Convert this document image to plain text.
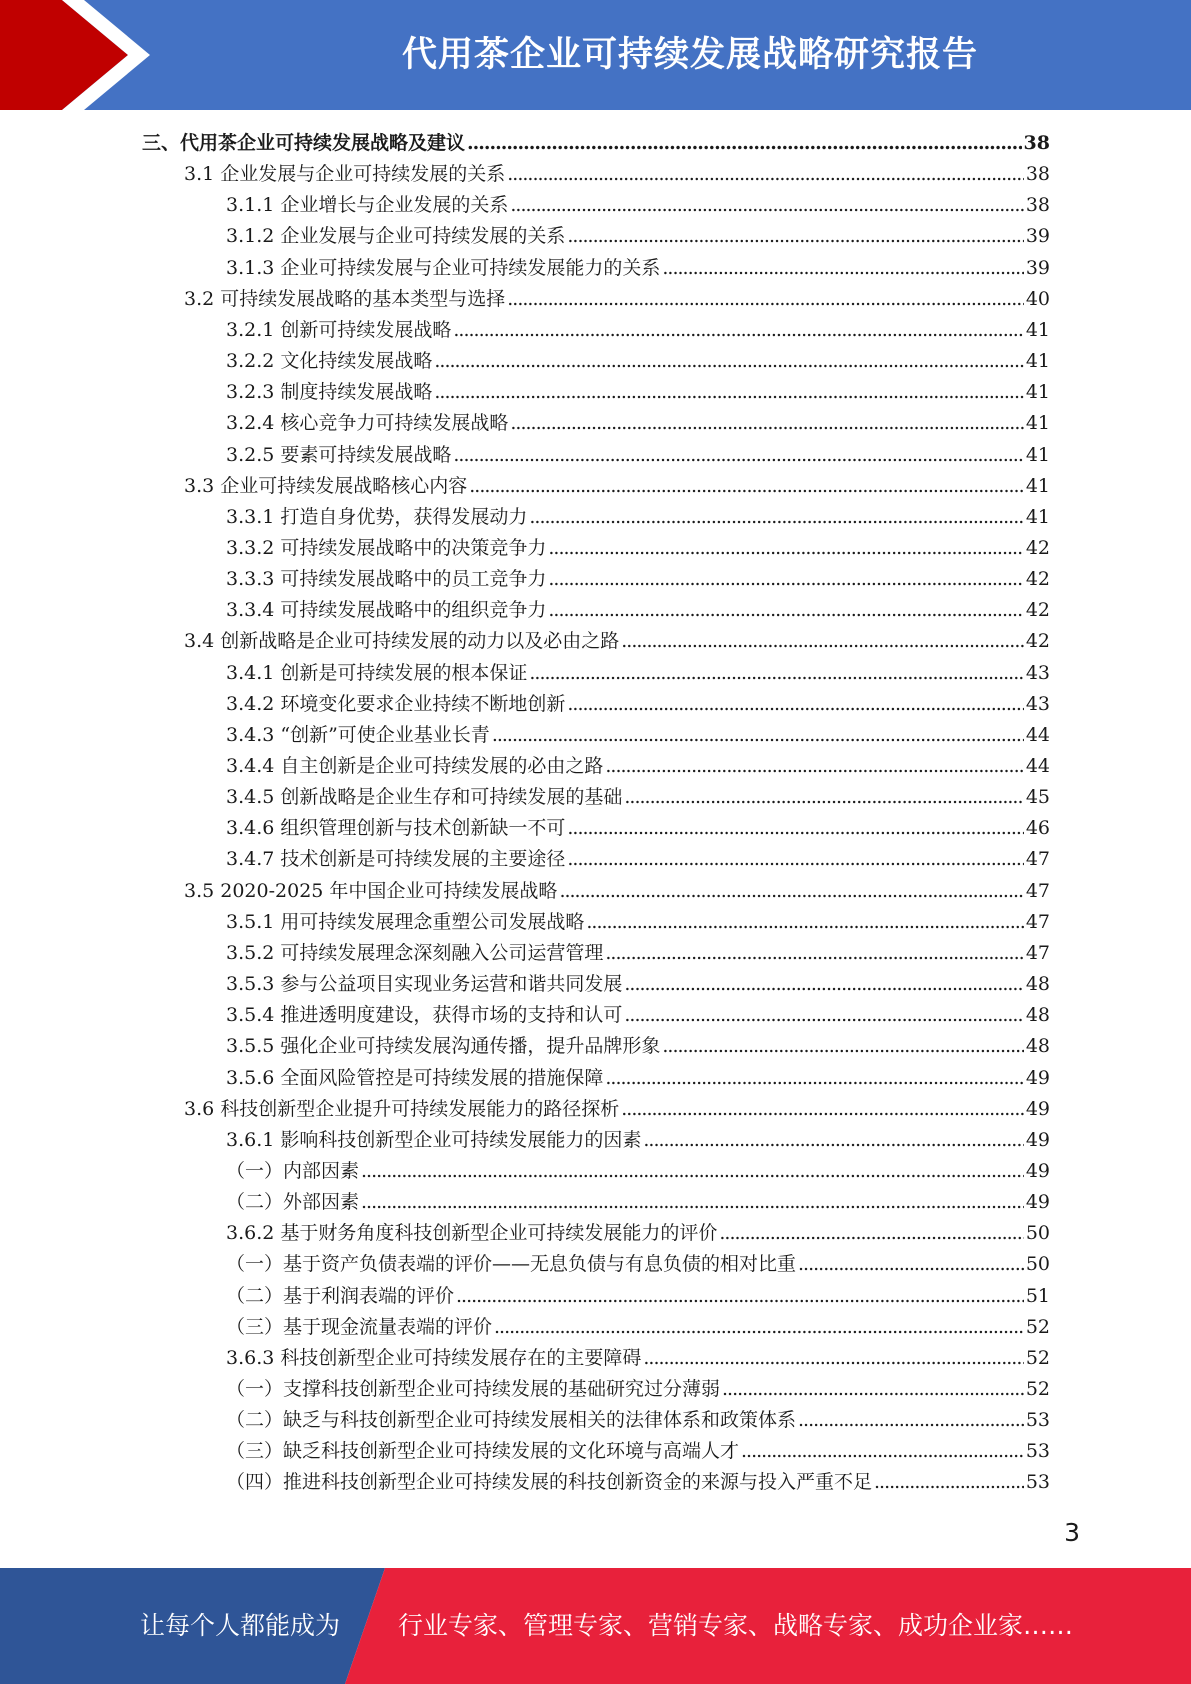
代用茶企业可持续发展战略研究报告
三、代用茶企业可持续发展战略及建议 .....	38
3.1 企业发展与企业可持续发展的关系 .....	38
3.1.1 企业增长与企业发展的关系 .....	38
3.1.2 企业发展与企业可持续发展的关系 .....	39
3.1.3 企业可持续发展与企业可持续发展能力的关系 .....	39
3.2 可持续发展战略的基本类型与选择 .....	40
3.2.1 创新可持续发展战略 .....	41
3.2.2 文化持续发展战略 .....	41
3.2.3 制度持续发展战略 .....	41
3.2.4 核心竞争力可持续发展战略 .....	41
3.2.5 要素可持续发展战略 .....	41
3.3 企业可持续发展战略核心内容 .....	41
3.3.1 打造自身优势，获得发展动力 .....	41
3.3.2 可持续发展战略中的决策竞争力 .....	42
3.3.3 可持续发展战略中的员工竞争力 .....	42
3.3.4 可持续发展战略中的组织竞争力 .....	42
3.4 创新战略是企业可持续发展的动力以及必由之路 .....	42
3.4.1 创新是可持续发展的根本保证 .....	43
3.4.2 环境变化要求企业持续不断地创新 .....	43
3.4.3 “创新”可使企业基业长青 .....	44
3.4.4 自主创新是企业可持续发展的必由之路 .....	44
3.4.5 创新战略是企业生存和可持续发展的基础 .....	45
3.4.6 组织管理创新与技术创新缺一不可 .....	46
3.4.7 技术创新是可持续发展的主要途径 .....	47
3.5 2020-2025 年中国企业可持续发展战略 .....	47
3.5.1 用可持续发展理念重塑公司发展战略 .....	47
3.5.2 可持续发展理念深刻融入公司运营管理 .....	47
3.5.3 参与公益项目实现业务运营和谐共同发展 .....	48
3.5.4 推进透明度建设，获得市场的支持和认可 .....	48
3.5.5 强化企业可持续发展沟通传播，提升品牌形象 .....	48
3.5.6 全面风险管控是可持续发展的措施保障 .....	49
3.6 科技创新型企业提升可持续发展能力的路径探析 .....	49
3.6.1 影响科技创新型企业可持续发展能力的因素 .....	49
（一）内部因素 .....	49
（二）外部因素 .....	49
3.6.2 基于财务角度科技创新型企业可持续发展能力的评价 .....	50
（一）基于资产负债表端的评价——无息负债与有息负债的相对比重 .....	50
（二）基于利润表端的评价 .....	51
（三）基于现金流量表端的评价 .....	52
3.6.3 科技创新型企业可持续发展存在的主要障碍 .....	52
（一）支撑科技创新型企业可持续发展的基础研究过分薄弱 .....	52
（二）缺乏与科技创新型企业可持续发展相关的法律体系和政策体系 .....	53
（三）缺乏科技创新型企业可持续发展的文化环境与高端人才 .....	53
（四）推进科技创新型企业可持续发展的科技创新资金的来源与投入严重不足 .....	53
3
让每个人都能成为 行业专家、管理专家、营销专家、战略专家、成功企业家……
